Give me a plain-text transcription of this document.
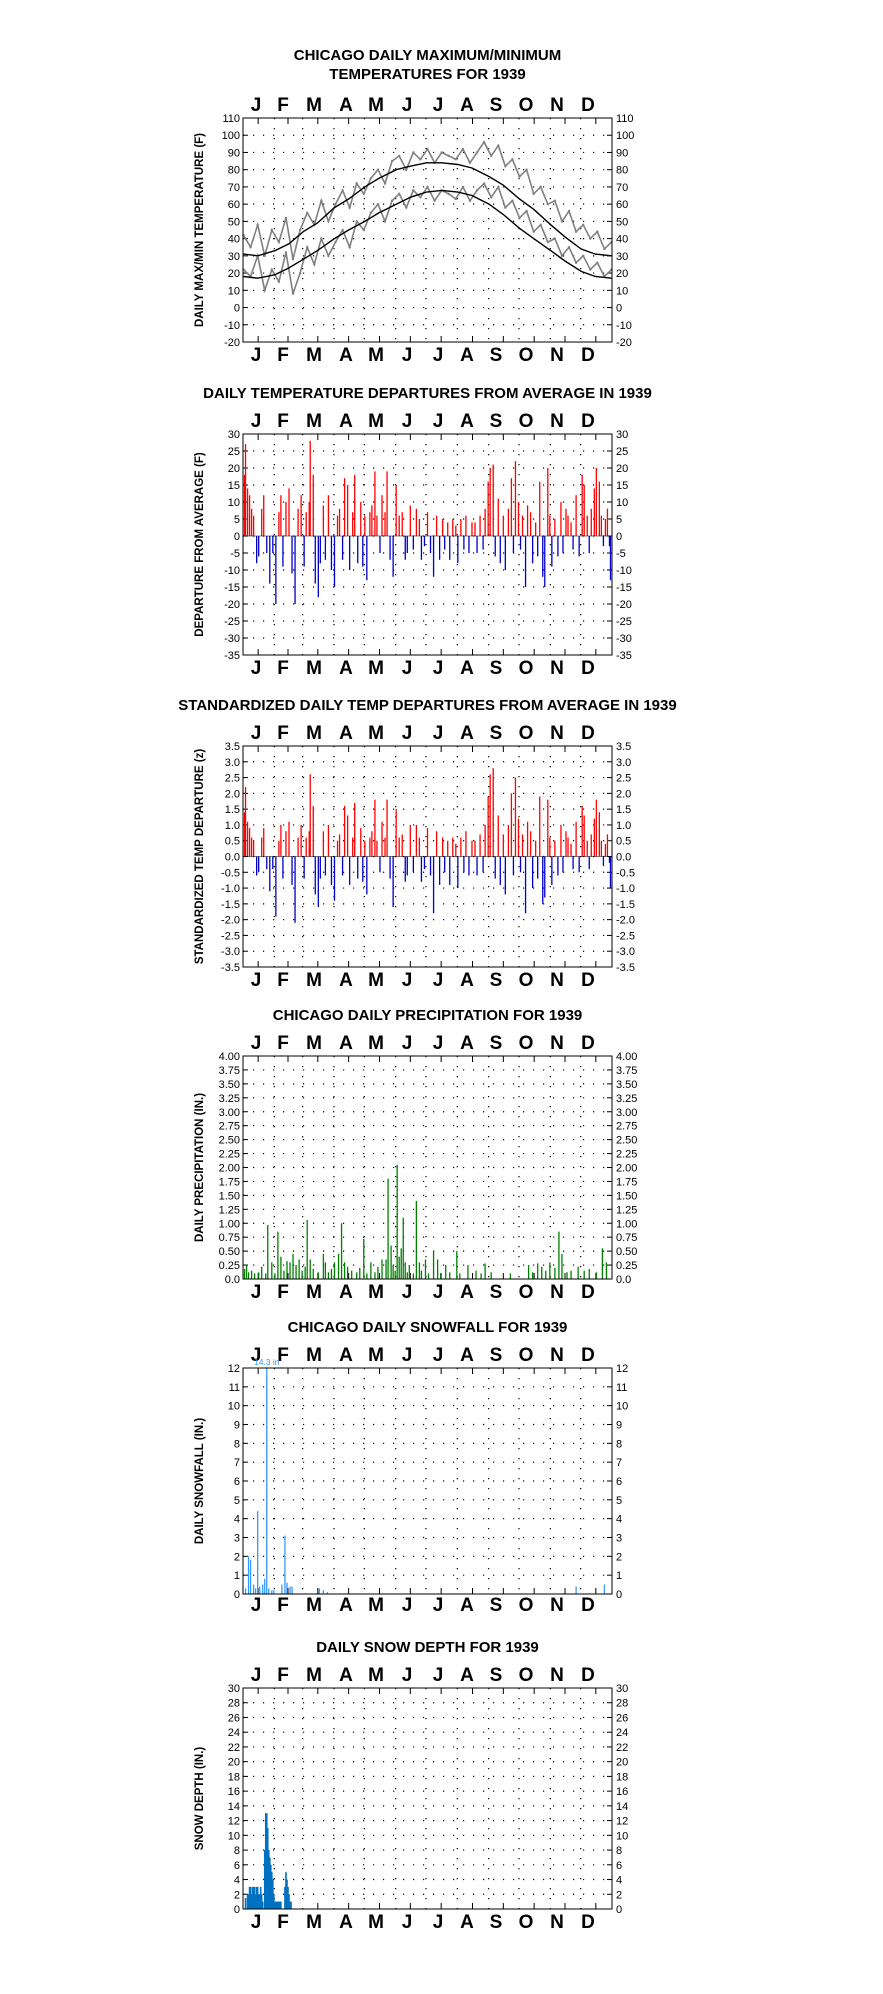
CHICAGO DAILY MAXIMUM/MINIMUM
TEMPERATURES FOR 1939
110	110
100	100
90	90
80	80
70	70
60	60
50	50
40	40
30	30
20	20
10	10
0	0
-10	-10
-20	-20
J
J
F
F
M
M
A
A
M
M
J
J
J
J
A
A
S
S
O
O
N
N
D
D
DAILY MAX/MIN TEMPERATURE (F)
DAILY TEMPERATURE DEPARTURES FROM AVERAGE IN 1939
30	30
25	25
20	20
15	15
10	10
5	5
0	0
-5	-5
-10	-10
-15	-15
-20	-20
-25	-25
-30	-30
-35	-35
J
J
F
F
M
M
A
A
M
M
J
J
J
J
A
A
S
S
O
O
N
N
D
D
DEPARTURE FROM AVERAGE (F)
STANDARDIZED DAILY TEMP DEPARTURES FROM AVERAGE IN 1939
3.5	3.5
3.0	3.0
2.5	2.5
2.0	2.0
1.5	1.5
1.0	1.0
0.5	0.5
0.0	0.0
-0.5	-0.5
-1.0	-1.0
-1.5	-1.5
-2.0	-2.0
-2.5	-2.5
-3.0	-3.0
-3.5	-3.5
J
J
F
F
M
M
A
A
M
M
J
J
J
J
A
A
S
S
O
O
N
N
D
D
STANDARDIZED TEMP DEPARTURE (z)
CHICAGO DAILY PRECIPITATION FOR 1939
4.00	4.00
3.75	3.75
3.50	3.50
3.25	3.25
3.00	3.00
2.75	2.75
2.50	2.50
2.25	2.25
2.00	2.00
1.75	1.75
1.50	1.50
1.25	1.25
1.00	1.00
0.75	0.75
0.50	0.50
0.25	0.25
0.0	0.0
J
J
F
F
M
M
A
A
M
M
J
J
J
J
A
A
S
S
O
O
N
N
D
D
DAILY PRECIPITATION (IN.)
CHICAGO DAILY SNOWFALL FOR 1939
12	12
11	11
10	10
9	9
8	8
7	7
6	6
5	5
4	4
3	3
2	2
1	1
0	0
J
J
F
F
M
M
A
A
M
M
J
J
J
J
A
A
S
S
O
O
N
N
D
D
DAILY SNOWFALL (IN.)
14.3 in
DAILY SNOW DEPTH FOR 1939
30	30
28	28
26	26
24	24
22	22
20	20
18	18
16	16
14	14
12	12
10	10
8	8
6	6
4	4
2	2
0	0
J
J
F
F
M
M
A
A
M
M
J
J
J
J
A
A
S
S
O
O
N
N
D
D
SNOW DEPTH (IN.)
